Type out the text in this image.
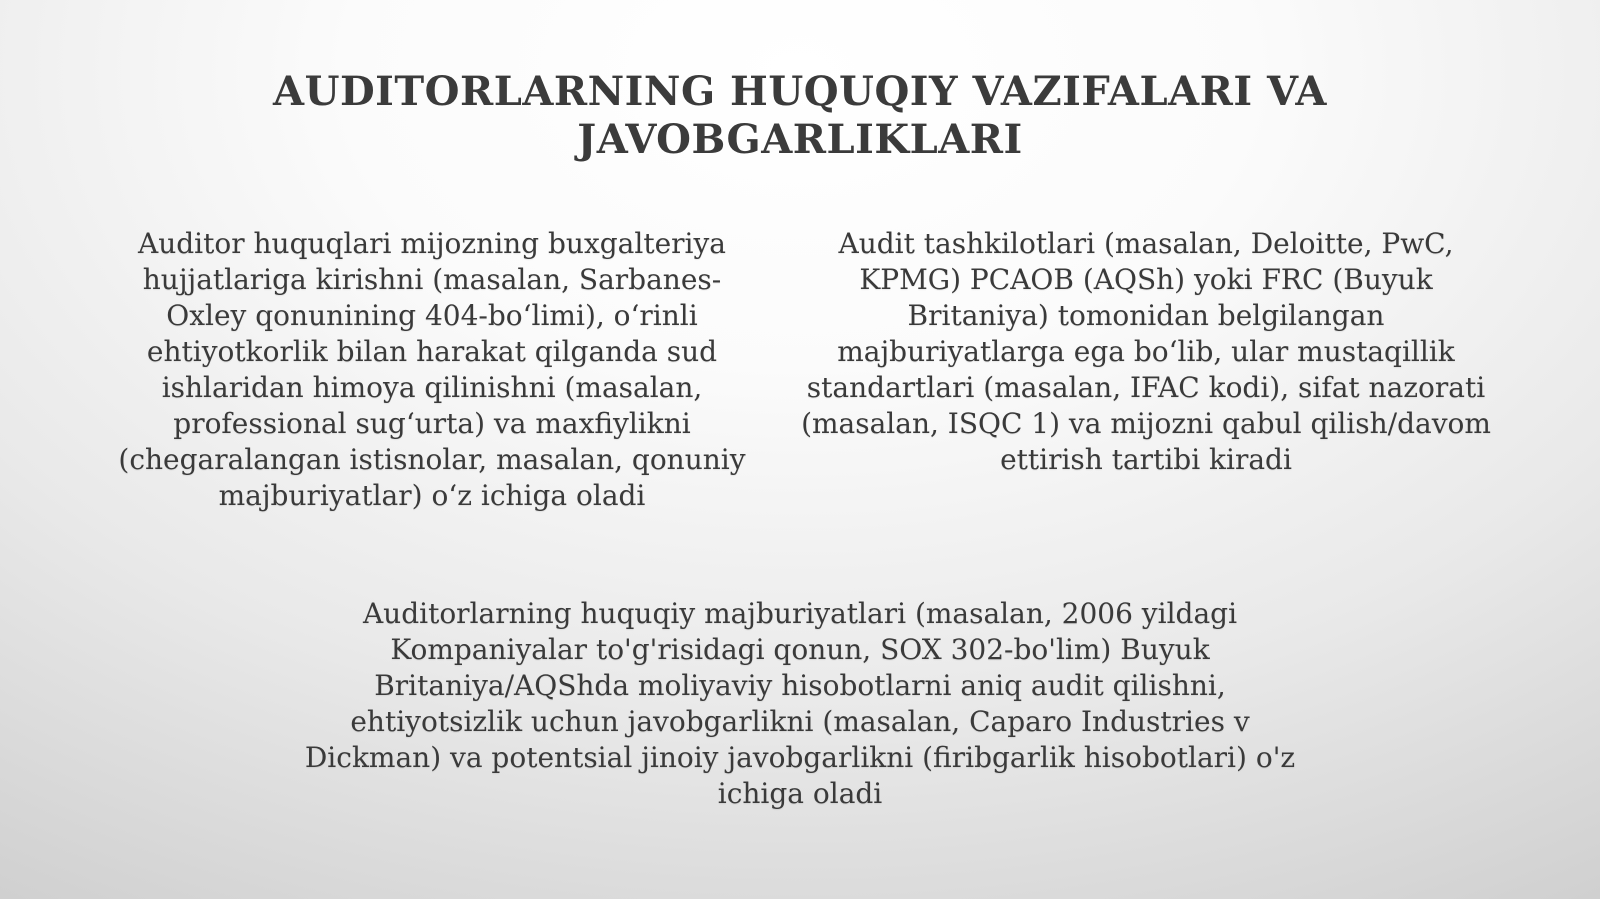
AUDITORLARNING HUQUQIY VAZIFALARI VA JAVOBGARLIKLARI

Auditor huquqlari mijozning buxgalteriya hujjatlariga kirishni (masalan, Sarbanes-Oxley qonunining 404-bo‘limi), o‘rinli ehtiyotkorlik bilan harakat qilganda sud ishlaridan himoya qilinishni (masalan, professional sug‘urta) va maxfiylikni (chegaralangan istisnolar, masalan, qonuniy majburiyatlar) o‘z ichiga oladi

Audit tashkilotlari (masalan, Deloitte, PwC, KPMG) PCAOB (AQSh) yoki FRC (Buyuk Britaniya) tomonidan belgilangan majburiyatlarga ega bo‘lib, ular mustaqillik standartlari (masalan, IFAC kodi), sifat nazorati (masalan, ISQC 1) va mijozni qabul qilish/davom ettirish tartibi kiradi

Auditorlarning huquqiy majburiyatlari (masalan, 2006 yildagi Kompaniyalar to'g'risidagi qonun, SOX 302-bo'lim) Buyuk Britaniya/AQShda moliyaviy hisobotlarni aniq audit qilishni, ehtiyotsizlik uchun javobgarlikni (masalan, Caparo Industries v Dickman) va potentsial jinoiy javobgarlikni (firibgarlik hisobotlari) o'z ichiga oladi
